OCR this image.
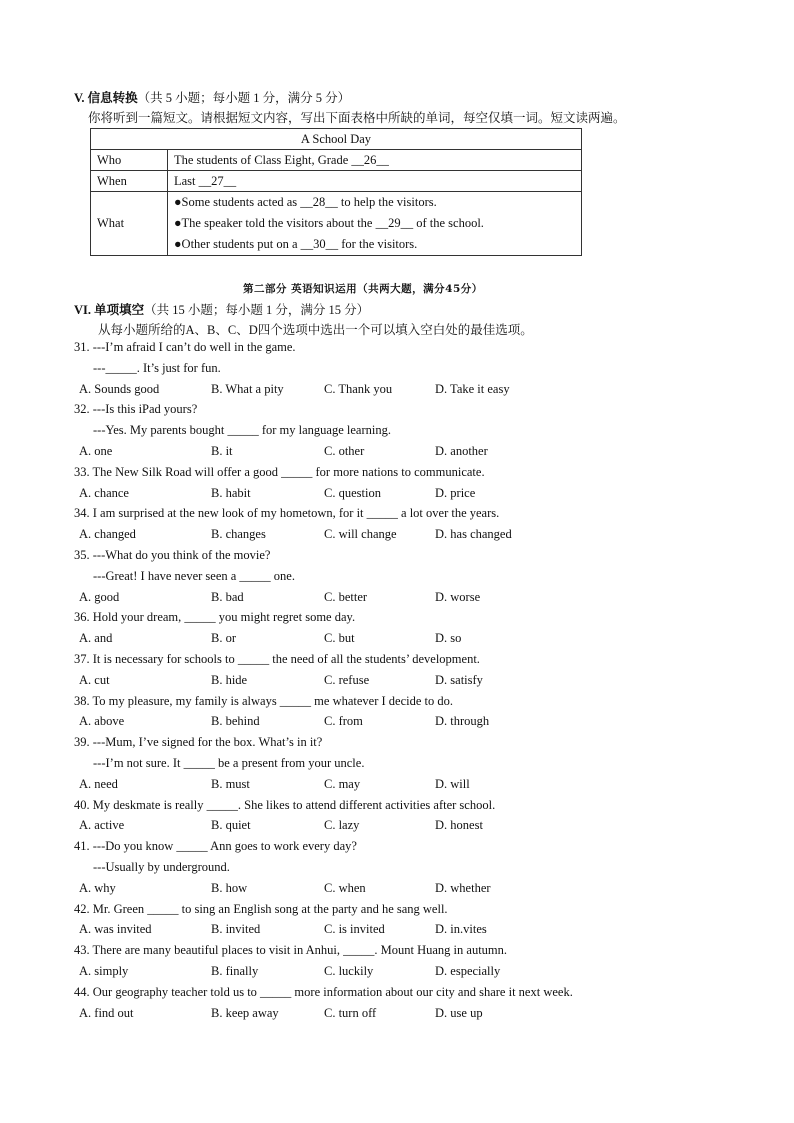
V. 信息转换（共 5 小题；每小题 1 分，满分 5 分）
你将听到一篇短文。请根据短文内容，写出下面表格中所缺的单词，每空仅填一词。短文读两遍。
A School Day	
Who	The students of Class Eight, Grade __26__
When	Last __27__
What	●Some students acted as __28__ to help the visitors.
●The speaker told the visitors about the __29__ of the school.
●Other students put on a __30__ for the visitors.
第二部分 英语知识运用（共两大题，满分45分）
VI. 单项填空（共 15 小题；每小题 1 分，满分 15 分）
从每小题所给的A、B、C、D四个选项中选出一个可以填入空白处的最佳选项。
31. ---I’m afraid I can’t do well in the game.
---_____. It’s just for fun.
A. Sounds good	B. What a pity	C. Thank you	D. Take it easy
32. ---Is this iPad yours?
---Yes. My parents bought _____ for my language learning.
A. one	B. it	C. other	D. another
33. The New Silk Road will offer a good _____ for more nations to communicate.
A. chance	B. habit	C. question	D. price
34. I am surprised at the new look of my hometown, for it _____ a lot over the years.
A. changed	B. changes	C. will change	D. has changed
35. ---What do you think of the movie?
---Great! I have never seen a _____ one.
A. good	B. bad	C. better	D. worse
36. Hold your dream, _____ you might regret some day.
A. and	B. or	C. but	D. so
37. It is necessary for schools to _____ the need of all the students’ development.
A. cut	B. hide	C. refuse	D. satisfy
38. To my pleasure, my family is always _____ me whatever I decide to do.
A. above	B. behind	C. from	D. through
39. ---Mum, I’ve signed for the box. What’s in it?
---I’m not sure. It _____ be a present from your uncle.
A. need	B. must	C. may	D. will
40. My deskmate is really _____. She likes to attend different activities after school.
A. active	B. quiet	C. lazy	D. honest
41. ---Do you know _____ Ann goes to work every day?
---Usually by underground.
A. why	B. how	C. when	D. whether
42. Mr. Green _____ to sing an English song at the party and he sang well.
A. was invited	B. invited	C. is invited	D. in.vites
43. There are many beautiful places to visit in Anhui, _____. Mount Huang in autumn.
A. simply	B. finally	C. luckily	D. especially
44. Our geography teacher told us to _____ more information about our city and share it next week.
A. find out	B. keep away	C. turn off	D. use up
